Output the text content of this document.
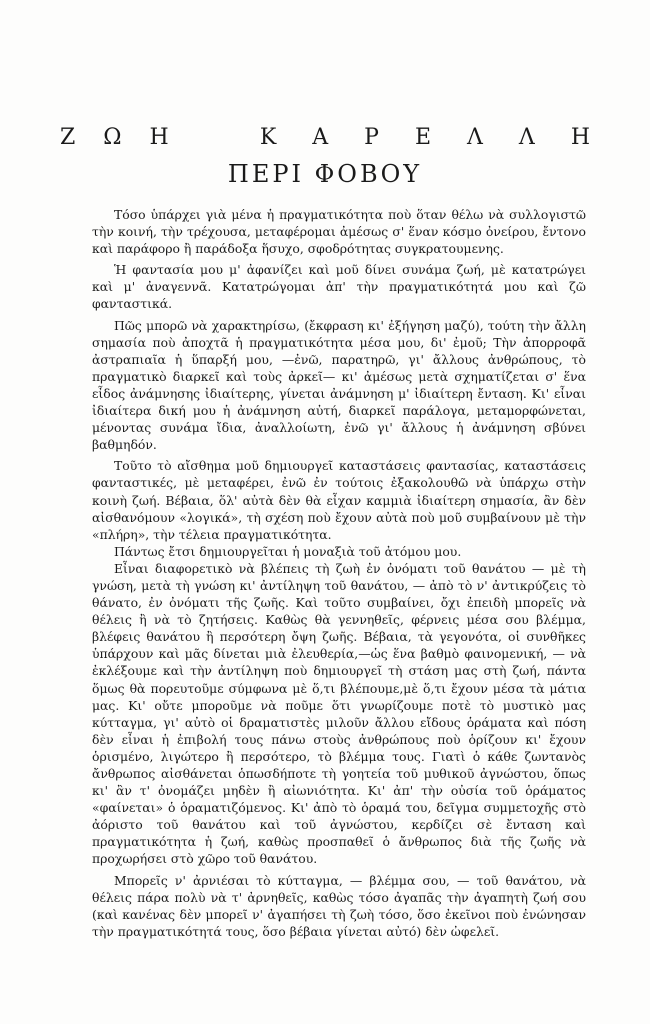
Ζ Ω Η	Κ Α Ρ Ε Λ Λ Η
ΠΕΡΙ ΦΟΒΟΥ

Τόσο ὑπάρχει γιὰ μένα ἡ πραγματικότητα ποὺ ὅταν θέλω νὰ συλλογιστῶ τὴν κοινή, τὴν τρέχουσα, μεταφέρομαι ἀμέσως σ' ἕναν κόσμο ὀνείρου, ἔντονο καὶ παράφορο ἢ παράδοξα ἥσυχο, σφοδρότητας συγκρατουμενης.

Ἡ φαντασία μου μ' ἀφανίζει καὶ μοῦ δίνει συνάμα ζωή, μὲ κατατρώγει καὶ μ' ἀναγεννᾶ. Κατατρώγομαι ἀπ' τὴν πραγματικότητά μου καὶ ζῶ φανταστικά.

Πῶς μπορῶ νὰ χαρακτηρίσω, (ἔκφραση κι' ἐξήγηση μαζύ), τούτη τὴν ἄλλη σημασία ποὺ ἀποχτᾶ ἡ πραγματικότητα μέσα μου, δι' ἐμοῦ; Τὴν ἀπορροφᾶ ἀστραπιαῖα ἡ ὕπαρξή μου, —ἐνῶ, παρατηρῶ, γι' ἄλλους ἀνθρώπους, τὸ πραγματικὸ διαρκεῖ καὶ τοὺς ἀρκεῖ— κι' ἀμέσως μετὰ σχηματίζεται σ' ἕνα εἶδος ἀνάμνησης ἰδιαίτερης, γίνεται ἀνάμνηση μ' ἰδιαίτερη ἔνταση. Κι' εἶναι ἰδιαίτερα δική μου ἡ ἀνάμνηση αὐτή, διαρκεῖ παράλογα, μεταμορφώνεται, μένοντας συνάμα ἴδια, ἀναλλοίωτη, ἐνῶ γι' ἄλλους ἡ ἀνάμνηση σβύνει βαθμηδόν.

Τοῦτο τὸ αἴσθημα μοῦ δημιουργεῖ καταστάσεις φαντασίας, καταστάσεις φανταστικές, μὲ μεταφέρει, ἐνῶ ἐν τούτοις ἐξακολουθῶ νὰ ὑπάρχω στὴν κοινὴ ζωή. Βέβαια, ὅλ' αὐτὰ δὲν θὰ εἶχαν καμμιὰ ἰδιαίτερη σημασία, ἂν δὲν αἰσθανόμουν «λογικά», τὴ σχέση ποὺ ἔχουν αὐτὰ ποὺ μοῦ συμβαίνουν μὲ τὴν «πλήρη», τὴν τέλεια πραγματικότητα.

Πάντως ἔτσι δημιουργεῖται ἡ μοναξιὰ τοῦ ἀτόμου μου.

Εἶναι διαφορετικὸ νὰ βλέπεις τὴ ζωὴ ἐν ὀνόματι τοῦ θανάτου — μὲ τὴ γνώση, μετὰ τὴ γνώση κι' ἀντίληψη τοῦ θανάτου, — ἀπὸ τὸ ν' ἀντικρύζεις τὸ θάνατο, ἐν ὀνόματι τῆς ζωῆς. Καὶ τοῦτο συμβαίνει, ὄχι ἐπειδὴ μπορεῖς νὰ θέλεις ἢ νὰ τὸ ζητήσεις. Καθὼς θὰ γεννηθεῖς, φέρνεις μέσα σου βλέμμα, βλέφεις θανάτου ἢ περσότερη ὄψη ζωῆς. Βέβαια, τὰ γεγονότα, οἱ συνθῆκες ὑπάρχουν καὶ μᾶς δίνεται μιὰ ἐλευθερία,—ὡς ἕνα βαθμὸ φαινομενική, — νὰ ἐκλέξουμε καὶ τὴν ἀντίληψη ποὺ δημιουργεῖ τὴ στάση μας στὴ ζωή, πάντα ὅμως θὰ πορευτοῦμε σύμφωνα μὲ ὅ,τι βλέπουμε,μὲ ὅ,τι ἔχουν μέσα τὰ μάτια μας. Κι' οὔτε μποροῦμε νὰ ποῦμε ὅτι γνωρίζουμε ποτὲ τὸ μυστικὸ μας κύτταγμα, γι' αὐτὸ οἱ δραματιστὲς μιλοῦν ἄλλου εἴδους ὁράματα καὶ πόση δὲν εἶναι ἡ ἐπιβολή τους πάνω στοὺς ἀνθρώπους ποὺ ὁρίζουν κι' ἔχουν ὁρισμένο, λιγώτερο ἢ περσότερο, τὸ βλέμμα τους. Γιατὶ ὁ κάθε ζωντανὸς ἄνθρωπος αἰσθάνεται ὁπωσδήποτε τὴ γοητεία τοῦ μυθικοῦ ἀγνώστου, ὅπως κι' ἂν τ' ὀνομάζει μηδὲν ἢ αἰωνιότητα. Κι' ἀπ' τὴν οὐσία τοῦ ὁράματος «φαίνεται» ὁ ὁραματιζόμενος. Κι' ἀπὸ τὸ ὁραμά του, δεῖγμα συμμετοχῆς στὸ ἀόριστο τοῦ θανάτου καὶ τοῦ ἀγνώστου, κερδίζει σὲ ἔνταση καὶ πραγματικότητα ἡ ζωή, καθὼς προσπαθεῖ ὁ ἄνθρωπος διὰ τῆς ζωῆς νὰ προχωρήσει στὸ χῶρο τοῦ θανάτου.

Μπορεῖς ν' ἀρνιέσαι τὸ κύτταγμα, — βλέμμα σου, — τοῦ θανάτου, νὰ θέλεις πάρα πολὺ νὰ τ' ἀρνηθεῖς, καθὼς τόσο ἀγαπᾶς τὴν ἀγαπητὴ ζωή σου (καὶ κανένας δὲν μπορεῖ ν' ἀγαπήσει τὴ ζωὴ τόσο, ὅσο ἐκεῖνοι ποὺ ἐνώνησαν τὴν πραγματικότητά τους, ὅσο βέβαια γίνεται αὐτό) δὲν ὠφελεῖ.
